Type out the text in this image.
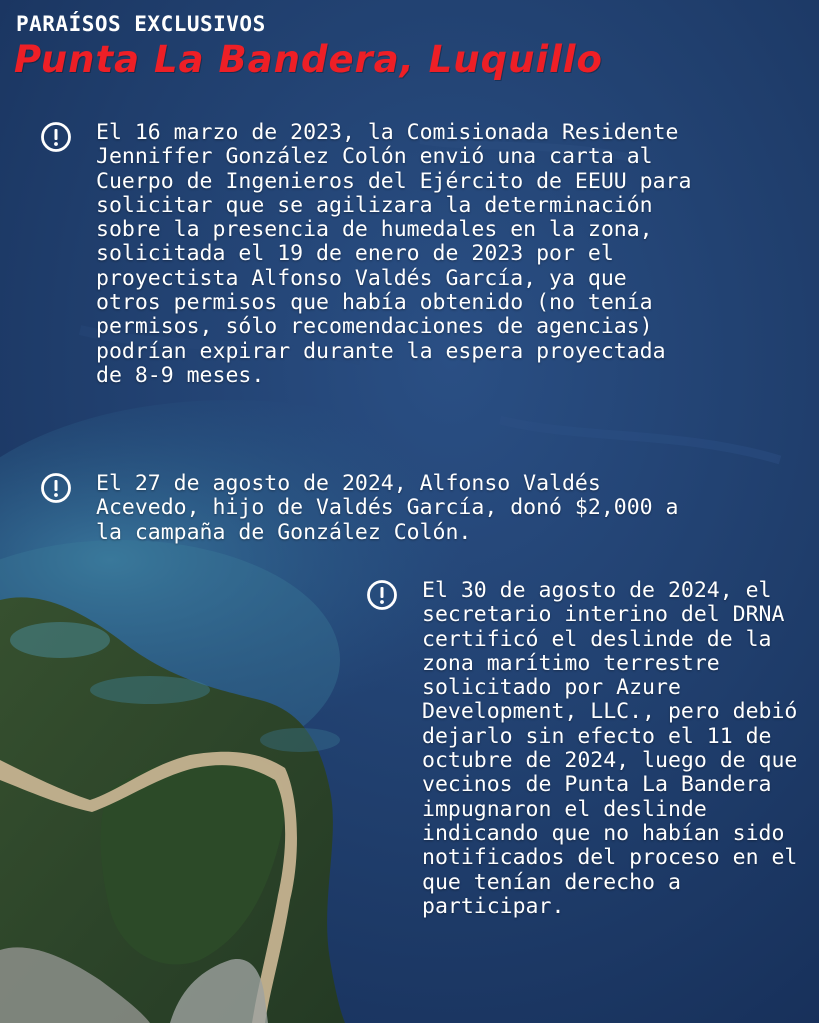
PARAÍSOS EXCLUSIVOS

Punta La Bandera, Luquillo

El 16 marzo de 2023, la Comisionada Residente Jenniffer González Colón envió una carta al Cuerpo de Ingenieros del Ejército de EEUU para solicitar que se agilizara la determinación sobre la presencia de humedales en la zona, solicitada el 19 de enero de 2023 por el proyectista Alfonso Valdés García, ya que otros permisos que había obtenido (no tenía permisos, sólo recomendaciones de agencias) podrían expirar durante la espera proyectada de 8-9 meses.

El 27 de agosto de 2024, Alfonso Valdés Acevedo, hijo de Valdés García, donó $2,000 a la campaña de González Colón.

El 30 de agosto de 2024, el secretario interino del DRNA certificó el deslinde de la zona marítimo terrestre solicitado por Azure Development, LLC., pero debió dejarlo sin efecto el 11 de octubre de 2024, luego de que vecinos de Punta La Bandera impugnaron el deslinde indicando que no habían sido notificados del proceso en el que tenían derecho a participar.
